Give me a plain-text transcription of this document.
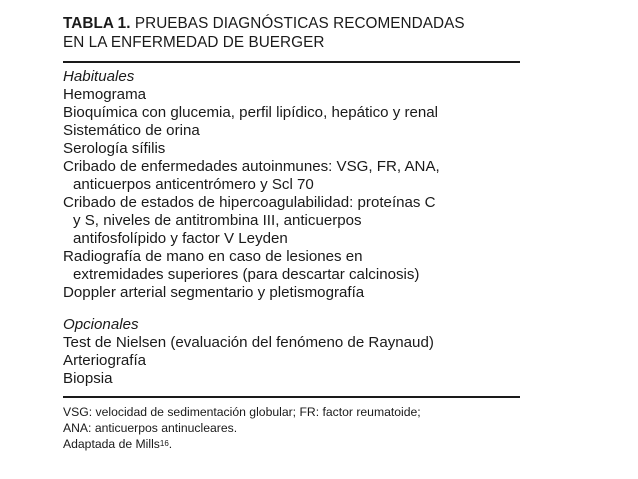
TABLA 1. PRUEBAS DIAGNÓSTICAS RECOMENDADAS
EN LA ENFERMEDAD DE BUERGER
Habituales
Hemograma
Bioquímica con glucemia, perfil lipídico, hepático y renal
Sistemático de orina
Serología sífilis
Cribado de enfermedades autoinmunes: VSG, FR, ANA,
anticuerpos anticentrómero y Scl 70
Cribado de estados de hipercoagulabilidad: proteínas C
y S, niveles de antitrombina III, anticuerpos
antifosfolípido y factor V Leyden
Radiografía de mano en caso de lesiones en
extremidades superiores (para descartar calcinosis)
Doppler arterial segmentario y pletismografía
Opcionales
Test de Nielsen (evaluación del fenómeno de Raynaud)
Arteriografía
Biopsia
VSG: velocidad de sedimentación globular; FR: factor reumatoide;
ANA: anticuerpos antinucleares.
Adaptada de Mills$^{16}$.
